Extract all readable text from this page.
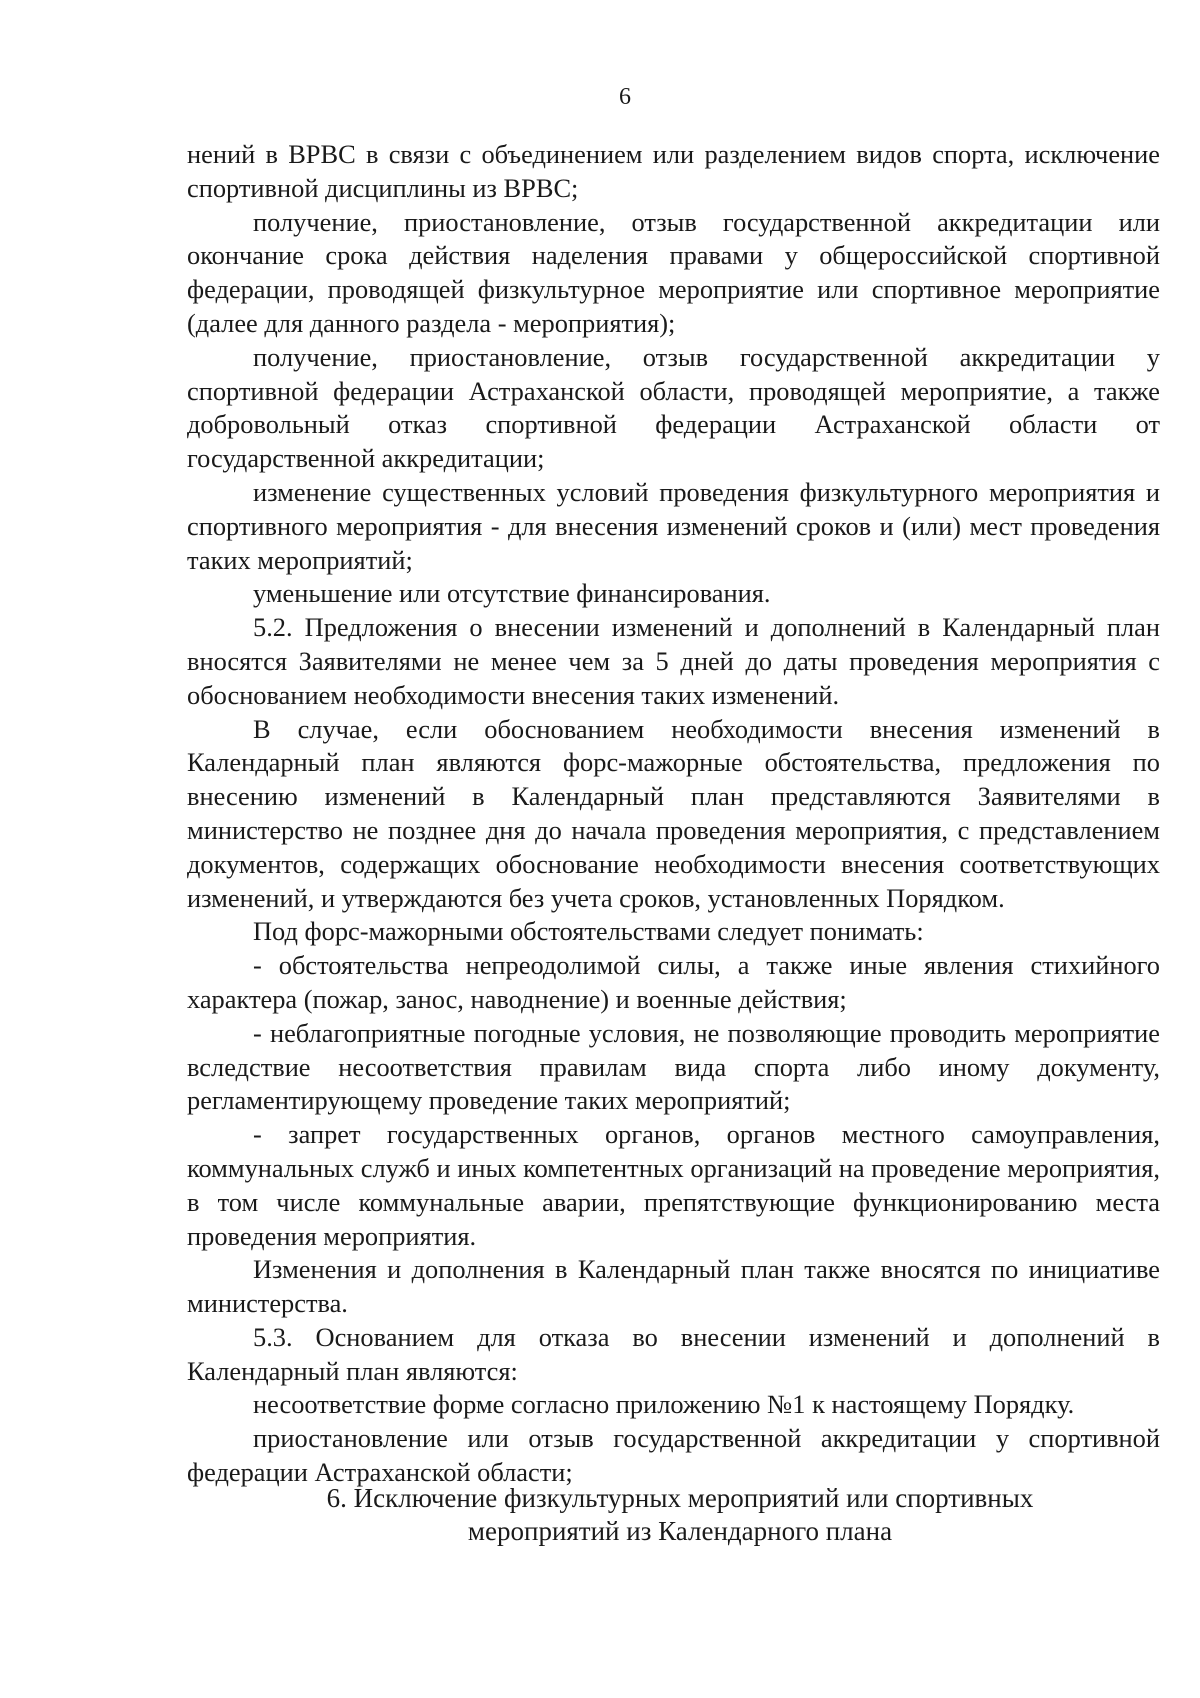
6

нений в ВРВС в связи с объединением или разделением видов спорта, исключение спортивной дисциплины из ВРВС;

получение, приостановление, отзыв государственной аккредитации или окончание срока действия наделения правами у общероссийской спортивной федерации, проводящей физкультурное мероприятие или спортивное мероприятие (далее для данного раздела - мероприятия);

получение, приостановление, отзыв государственной аккредитации у спортивной федерации Астраханской области, проводящей мероприятие, а также добровольный отказ спортивной федерации Астраханской области от государственной аккредитации;

изменение существенных условий проведения физкультурного мероприятия и спортивного мероприятия - для внесения изменений сроков и (или) мест проведения таких мероприятий;

уменьшение или отсутствие финансирования.

5.2. Предложения о внесении изменений и дополнений в Календарный план вносятся Заявителями не менее чем за 5 дней до даты проведения мероприятия с обоснованием необходимости внесения таких изменений.

В случае, если обоснованием необходимости внесения изменений в Календарный план являются форс-мажорные обстоятельства, предложения по внесению изменений в Календарный план представляются Заявителями в министерство не позднее дня до начала проведения мероприятия, с представлением документов, содержащих обоснование необходимости внесения соответствующих изменений, и утверждаются без учета сроков, установленных Порядком.

Под форс-мажорными обстоятельствами следует понимать:

- обстоятельства непреодолимой силы, а также иные явления стихийного характера (пожар, занос, наводнение) и военные действия;

- неблагоприятные погодные условия, не позволяющие проводить мероприятие вследствие несоответствия правилам вида спорта либо иному документу, регламентирующему проведение таких мероприятий;

- запрет государственных органов, органов местного самоуправления, коммунальных служб и иных компетентных организаций на проведение мероприятия, в том числе коммунальные аварии, препятствующие функционированию места проведения мероприятия.

Изменения и дополнения в Календарный план также вносятся по инициативе министерства.

5.3. Основанием для отказа во внесении изменений и дополнений в Календарный план являются:

несоответствие форме согласно приложению №1 к настоящему Порядку.

приостановление или отзыв государственной аккредитации у спортивной федерации Астраханской области;

6. Исключение физкультурных мероприятий или спортивных
мероприятий из Календарного плана
